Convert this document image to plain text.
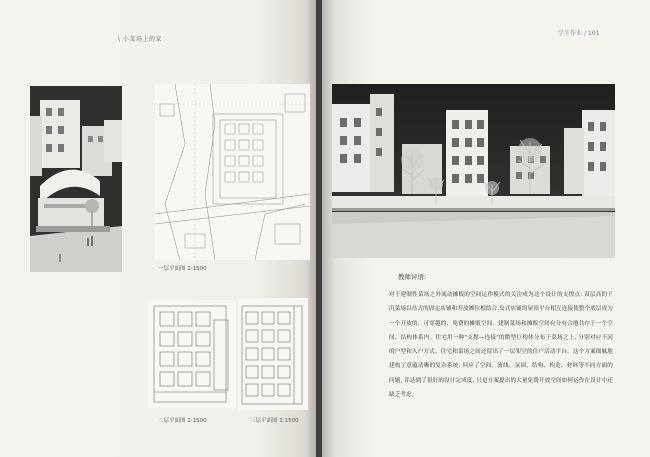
\ 小菜场上的家
学生作业 / 101
一层平面图 1:1500
二层平面图 1:1500	三层平面图 1:1500
教师评语:
对于建制性菜场之外流动摊贩的空间运作模式的关注成为这个设计的支撑点: 双层高的下沉菜场以岛式的固定店铺和开放摊位相结合,岛式店铺的屋顶平台相互连接使整个底层成为一个开放的、可穿越的、免费的摊贩空间。建制菜场和摊贩空间有分有合地共存于一个空间、结构体系内。住宅用一种"支撑—连接"的微型巨构体分布于菜场之上, 分别对应不同的户型和入户方式。住宅和菜场之间还留出了一层架空的住户活动平台。这个方案细腻地建构了意蕴清晰的复杂系统, 回应了空间、流线、氛围、结构、构造、材料等不同方面的问题, 并达到了很好的设计完成度, 只是方案提出的大量免费开放空间如何运作在设计中还缺乏考虑。
